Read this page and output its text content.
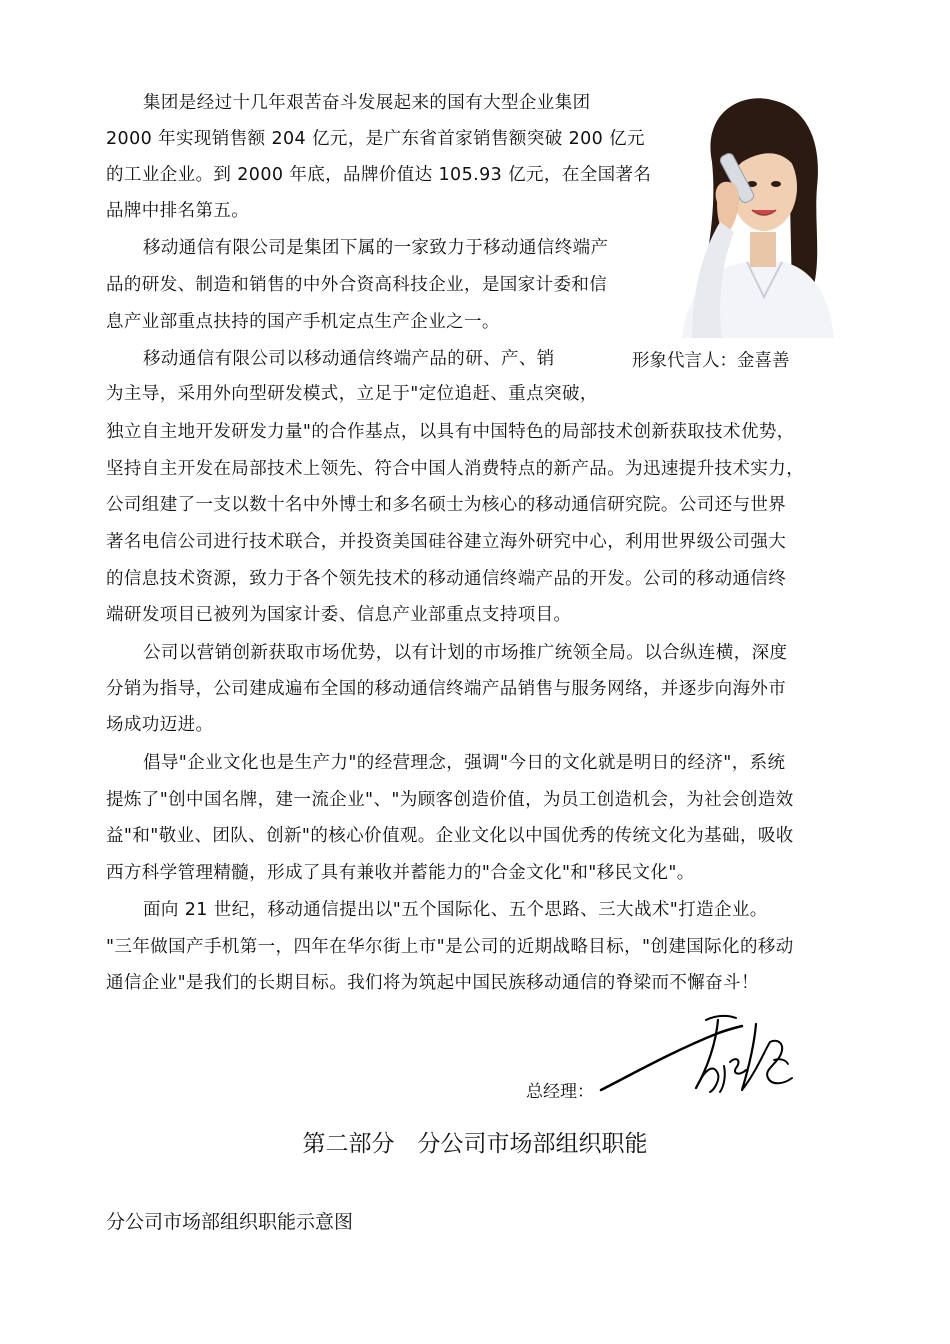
集团是经过十几年艰苦奋斗发展起来的国有大型企业集团
2000 年实现销售额 204 亿元，是广东省首家销售额突破 200 亿元
的工业企业。到 2000 年底，品牌价值达 105.93 亿元，在全国著名
品牌中排名第五。
移动通信有限公司是集团下属的一家致力于移动通信终端产
品的研发、制造和销售的中外合资高科技企业，是国家计委和信
息产业部重点扶持的国产手机定点生产企业之一。
移动通信有限公司以移动通信终端产品的研、产、销
为主导，采用外向型研发模式，立足于"定位追赶、重点突破，
独立自主地开发研发力量"的合作基点，以具有中国特色的局部技术创新获取技术优势，
坚持自主开发在局部技术上领先、符合中国人消费特点的新产品。为迅速提升技术实力，
公司组建了一支以数十名中外博士和多名硕士为核心的移动通信研究院。公司还与世界
著名电信公司进行技术联合，并投资美国硅谷建立海外研究中心，利用世界级公司强大
的信息技术资源，致力于各个领先技术的移动通信终端产品的开发。公司的移动通信终
端研发项目已被列为国家计委、信息产业部重点支持项目。
公司以营销创新获取市场优势，以有计划的市场推广统领全局。以合纵连横，深度
分销为指导，公司建成遍布全国的移动通信终端产品销售与服务网络，并逐步向海外市
场成功迈进。
倡导"企业文化也是生产力"的经营理念，强调"今日的文化就是明日的经济"，系统
提炼了"创中国名牌，建一流企业"、"为顾客创造价值，为员工创造机会，为社会创造效
益"和"敬业、团队、创新"的核心价值观。企业文化以中国优秀的传统文化为基础，吸收
西方科学管理精髓，形成了具有兼收并蓄能力的"合金文化"和"移民文化"。
面向 21 世纪，移动通信提出以"五个国际化、五个思路、三大战术"打造企业。
"三年做国产手机第一，四年在华尔街上市"是公司的近期战略目标，"创建国际化的移动
通信企业"是我们的长期目标。我们将为筑起中国民族移动通信的脊梁而不懈奋斗！
形象代言人：金喜善
总经理：
第二部分　分公司市场部组织职能
分公司市场部组织职能示意图
